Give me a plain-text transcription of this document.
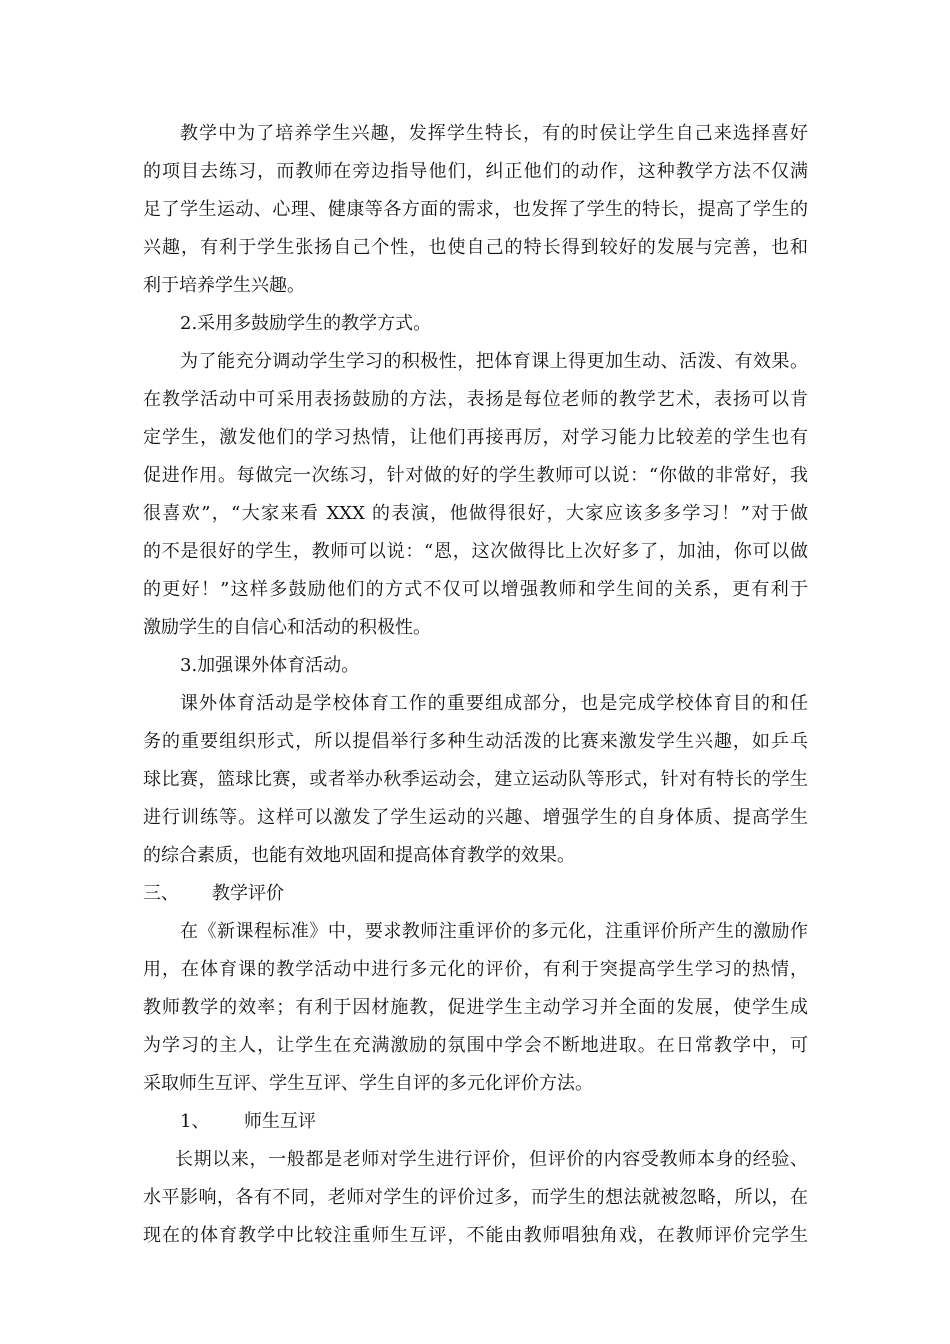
教学中为了培养学生兴趣，发挥学生特长，有的时侯让学生自己来选择喜好
的项目去练习，而教师在旁边指导他们，纠正他们的动作，这种教学方法不仅满
足了学生运动、心理、健康等各方面的需求，也发挥了学生的特长，提高了学生的
兴趣，有利于学生张扬自己个性，也使自己的特长得到较好的发展与完善，也和
利于培养学生兴趣。
2.采用多鼓励学生的教学方式。
为了能充分调动学生学习的积极性，把体育课上得更加生动、活泼、有效果。
在教学活动中可采用表扬鼓励的方法，表扬是每位老师的教学艺术，表扬可以肯
定学生，激发他们的学习热情，让他们再接再厉，对学习能力比较差的学生也有
促进作用。每做完一次练习，针对做的好的学生教师可以说：“你做的非常好，我
很喜欢”，“大家来看 XXX 的表演，他做得很好，大家应该多多学习！”对于做
的不是很好的学生，教师可以说：“恩，这次做得比上次好多了，加油，你可以做
的更好！”这样多鼓励他们的方式不仅可以增强教师和学生间的关系，更有利于
激励学生的自信心和活动的积极性。
3.加强课外体育活动。
课外体育活动是学校体育工作的重要组成部分，也是完成学校体育目的和任
务的重要组织形式，所以提倡举行多种生动活泼的比赛来激发学生兴趣，如乒乓
球比赛，篮球比赛，或者举办秋季运动会，建立运动队等形式，针对有特长的学生
进行训练等。这样可以激发了学生运动的兴趣、增强学生的自身体质、提高学生
的综合素质，也能有效地巩固和提高体育教学的效果。
三、 教学评价
在《新课程标准》中，要求教师注重评价的多元化，注重评价所产生的激励作
用，在体育课的教学活动中进行多元化的评价，有利于突提高学生学习的热情，
教师教学的效率；有利于因材施教，促进学生主动学习并全面的发展，使学生成
为学习的主人，让学生在充满激励的氛围中学会不断地进取。在日常教学中，可
采取师生互评、学生互评、学生自评的多元化评价方法。
1、 师生互评
长期以来，一般都是老师对学生进行评价，但评价的内容受教师本身的经验、
水平影响，各有不同，老师对学生的评价过多，而学生的想法就被忽略，所以，在
现在的体育教学中比较注重师生互评，不能由教师唱独角戏，在教师评价完学生
